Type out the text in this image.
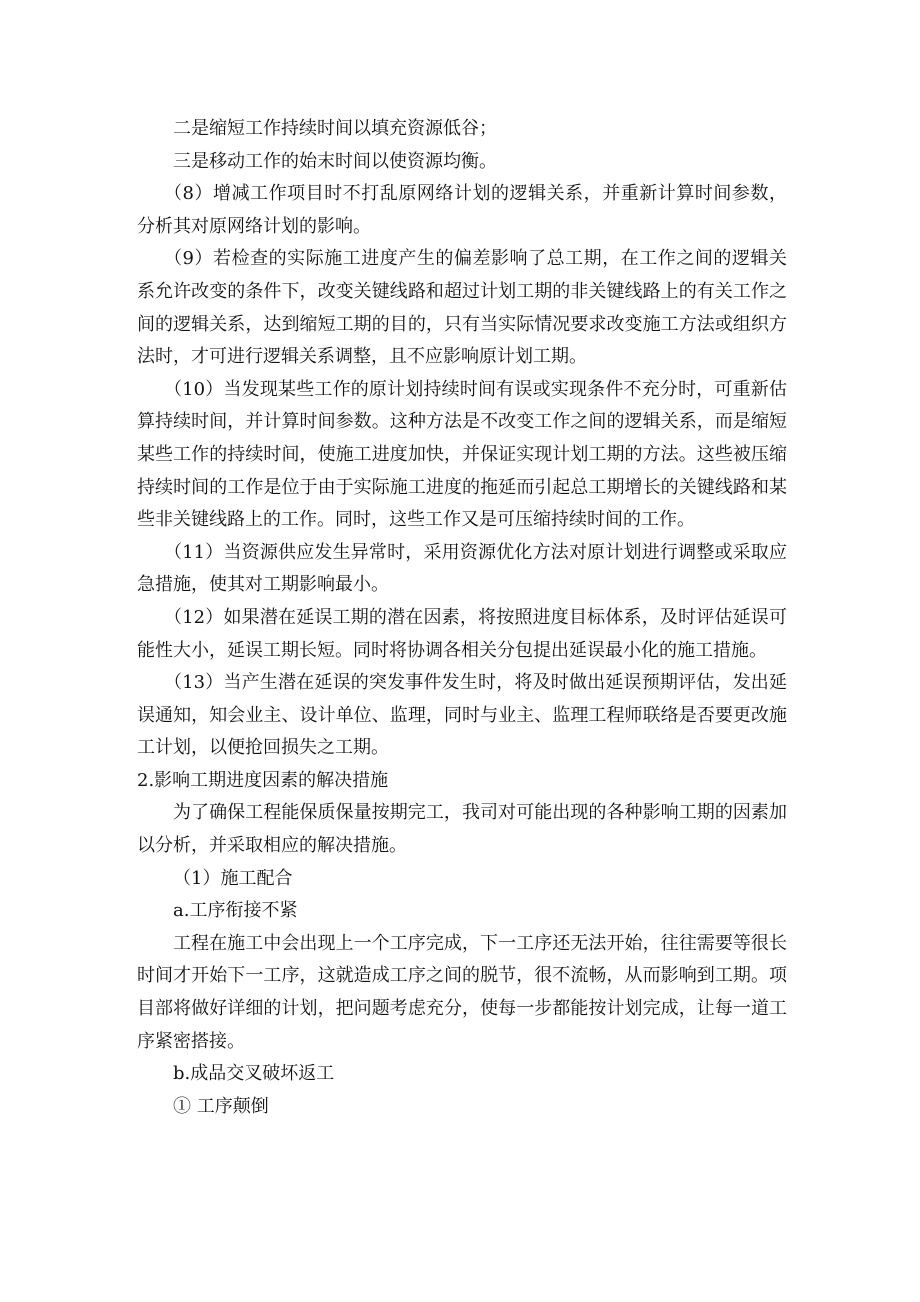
二是缩短工作持续时间以填充资源低谷；

三是移动工作的始末时间以使资源均衡。

（8）增减工作项目时不打乱原网络计划的逻辑关系，并重新计算时间参数，分析其对原网络计划的影响。

（9）若检查的实际施工进度产生的偏差影响了总工期，在工作之间的逻辑关系允许改变的条件下，改变关键线路和超过计划工期的非关键线路上的有关工作之间的逻辑关系，达到缩短工期的目的，只有当实际情况要求改变施工方法或组织方法时，才可进行逻辑关系调整，且不应影响原计划工期。

（10）当发现某些工作的原计划持续时间有误或实现条件不充分时，可重新估算持续时间，并计算时间参数。这种方法是不改变工作之间的逻辑关系，而是缩短某些工作的持续时间，使施工进度加快，并保证实现计划工期的方法。这些被压缩持续时间的工作是位于由于实际施工进度的拖延而引起总工期增长的关键线路和某些非关键线路上的工作。同时，这些工作又是可压缩持续时间的工作。

（11）当资源供应发生异常时，采用资源优化方法对原计划进行调整或采取应急措施，使其对工期影响最小。

（12）如果潜在延误工期的潜在因素，将按照进度目标体系，及时评估延误可能性大小，延误工期长短。同时将协调各相关分包提出延误最小化的施工措施。

（13）当产生潜在延误的突发事件发生时，将及时做出延误预期评估，发出延误通知，知会业主、设计单位、监理，同时与业主、监理工程师联络是否要更改施工计划，以便抢回损失之工期。

2.影响工期进度因素的解决措施

为了确保工程能保质保量按期完工，我司对可能出现的各种影响工期的因素加以分析，并采取相应的解决措施。

（1）施工配合

a.工序衔接不紧

工程在施工中会出现上一个工序完成，下一工序还无法开始，往往需要等很长时间才开始下一工序，这就造成工序之间的脱节，很不流畅，从而影响到工期。项目部将做好详细的计划，把问题考虑充分，使每一步都能按计划完成，让每一道工序紧密搭接。

b.成品交叉破坏返工

① 工序颠倒
